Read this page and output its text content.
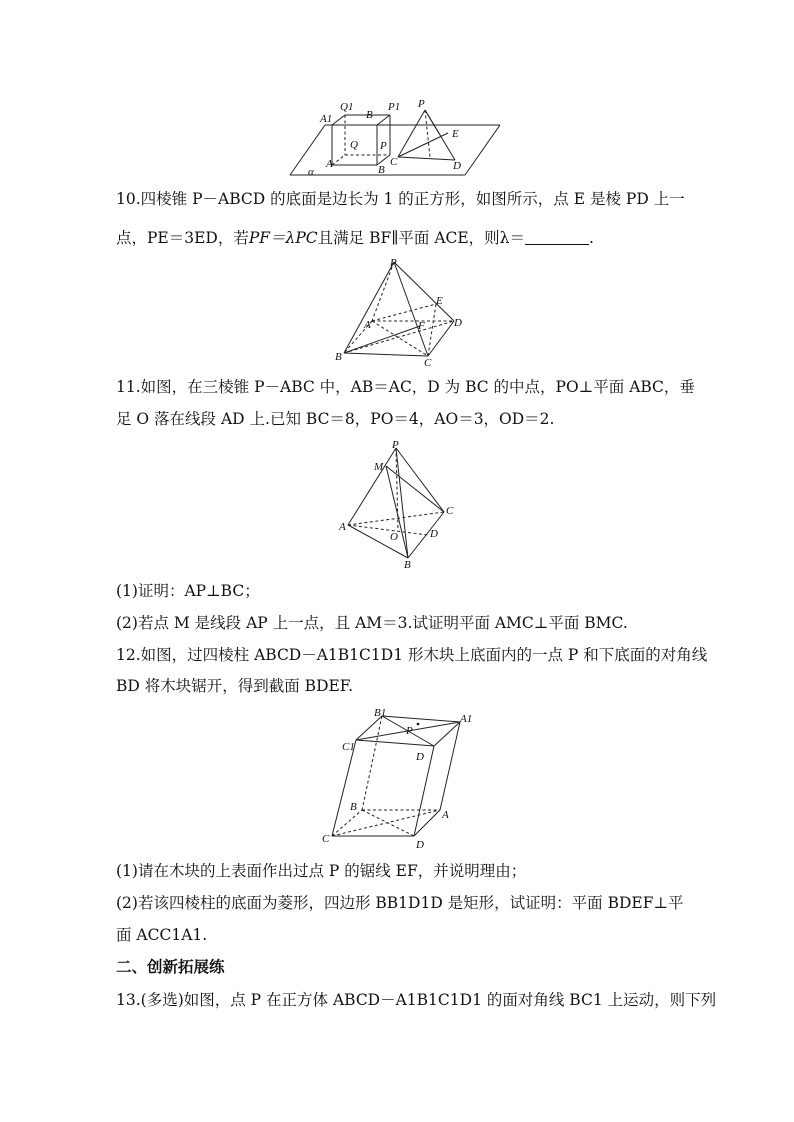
Q1
B
P1
A1
Q P
A	B
α
P
E
C	D
10.四棱锥 P－ABCD 的底面是边长为 1 的正方形，如图所示，点 E 是棱 PD 上一
点，PE＝3ED，若PF＝λPC且满足 BF∥平面 ACE，则λ＝	.
P
E
A	F	D
B	C
11.如图，在三棱锥 P－ABC 中，AB＝AC，D 为 BC 的中点，PO⊥平面 ABC，垂
足 O 落在线段 AD 上.已知 BC＝8，PO＝4，AO＝3，OD＝2.
P
M
C
A
O	D
B
(1)证明：AP⊥BC；
(2)若点 M 是线段 AP 上一点，且 AM＝3.试证明平面 AMC⊥平面 BMC.
12.如图，过四棱柱 ABCD－A1B1C1D1 形木块上底面内的一点 P 和下底面的对角线
BD 将木块锯开，得到截面 BDEF.
B1
P
A1
C1
D
B
A
C	D
(1)请在木块的上表面作出过点 P 的锯线 EF，并说明理由；
(2)若该四棱柱的底面为菱形，四边形 BB1D1D 是矩形，试证明：平面 BDEF⊥平
面 ACC1A1.
二、创新拓展练
13.(多选)如图，点 P 在正方体 ABCD－A1B1C1D1 的面对角线 BC1 上运动，则下列
